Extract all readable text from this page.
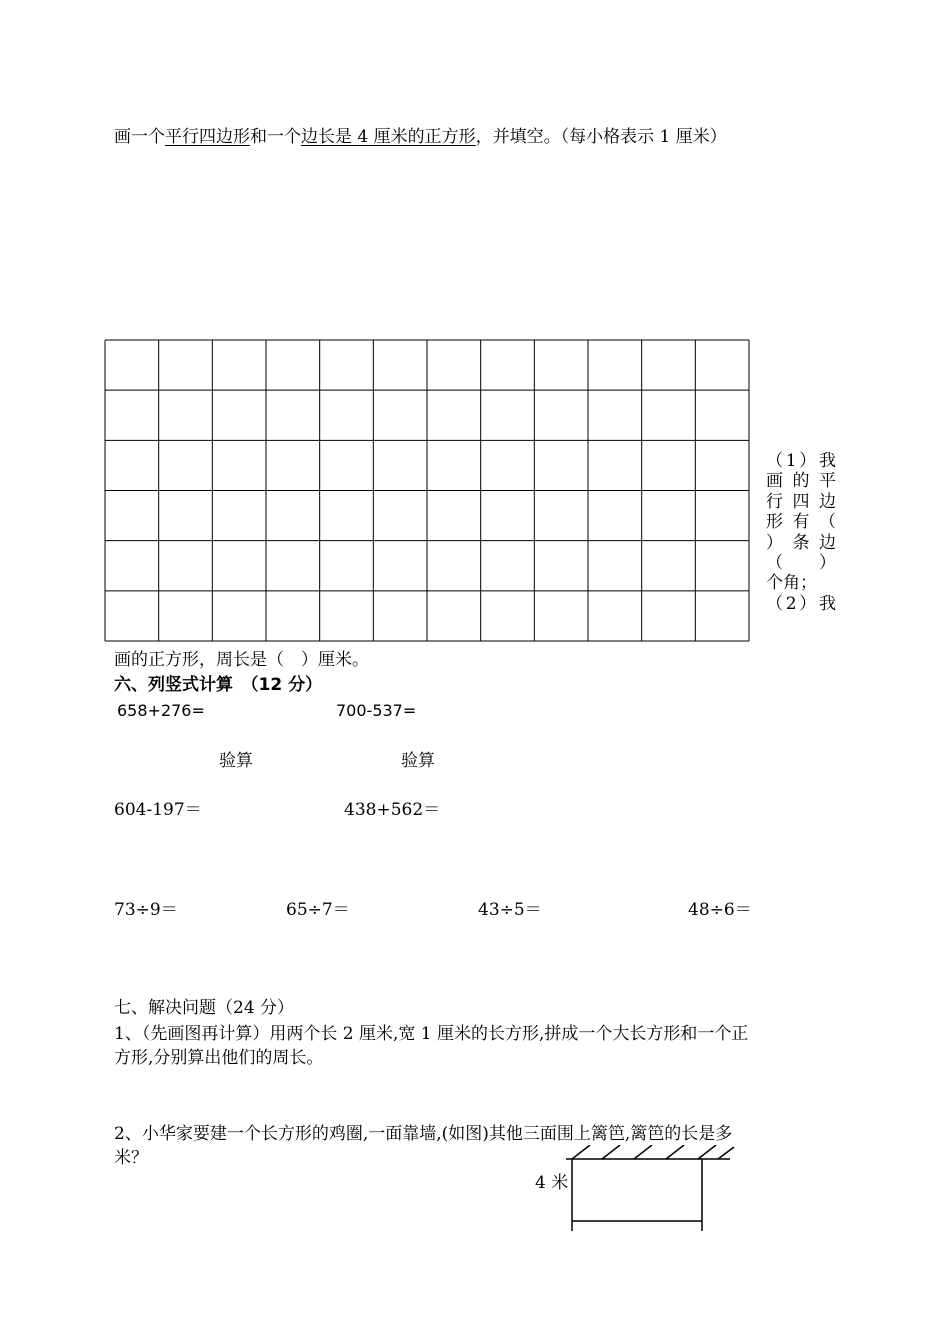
画一个平行四边形和一个边长是 4 厘米的正方形，并填空。（每小格表示 1 厘米）
（1）我
画 的 平
行 四 边
形 有 （
） 条 边
（　　）
个角；
（2）我
画的正方形，周长是（　）厘米。
六、列竖式计算　（12 分）
658+276=	700-537=
验算	验算
604-197＝	438+562＝
73÷9＝	65÷7＝	43÷5＝	48÷6＝
七、解决问题（24 分）
1、（先画图再计算）用两个长 2 厘米,宽 1 厘米的长方形,拼成一个大长方形和一个正
方形,分别算出他们的周长。
2、小华家要建一个长方形的鸡圈,一面靠墙,(如图)其他三面围上篱笆,篱笆的长是多
米？
4 米
